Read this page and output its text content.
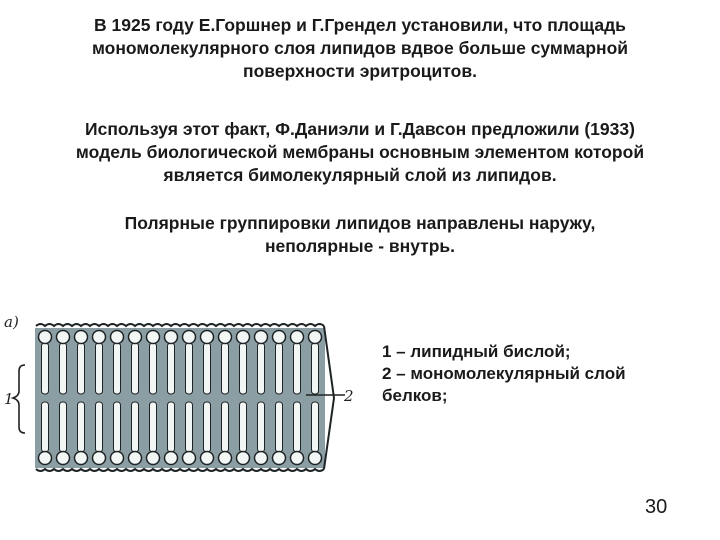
В 1925 году Е.Горшнер и Г.Грендел установили, что площадь
мономолекулярного слоя липидов вдвое больше суммарной
поверхности эритроцитов.
Используя этот факт, Ф.Даниэли и Г.Давсон предложили (1933)
модель биологической мембраны основным элементом которой
является бимолекулярный слой из липидов.
Полярные группировки липидов направлены наружу,
неполярные - внутрь.
а)
1	2
1 – липидный бислой;
2 – мономолекулярный слой
белков;
30
